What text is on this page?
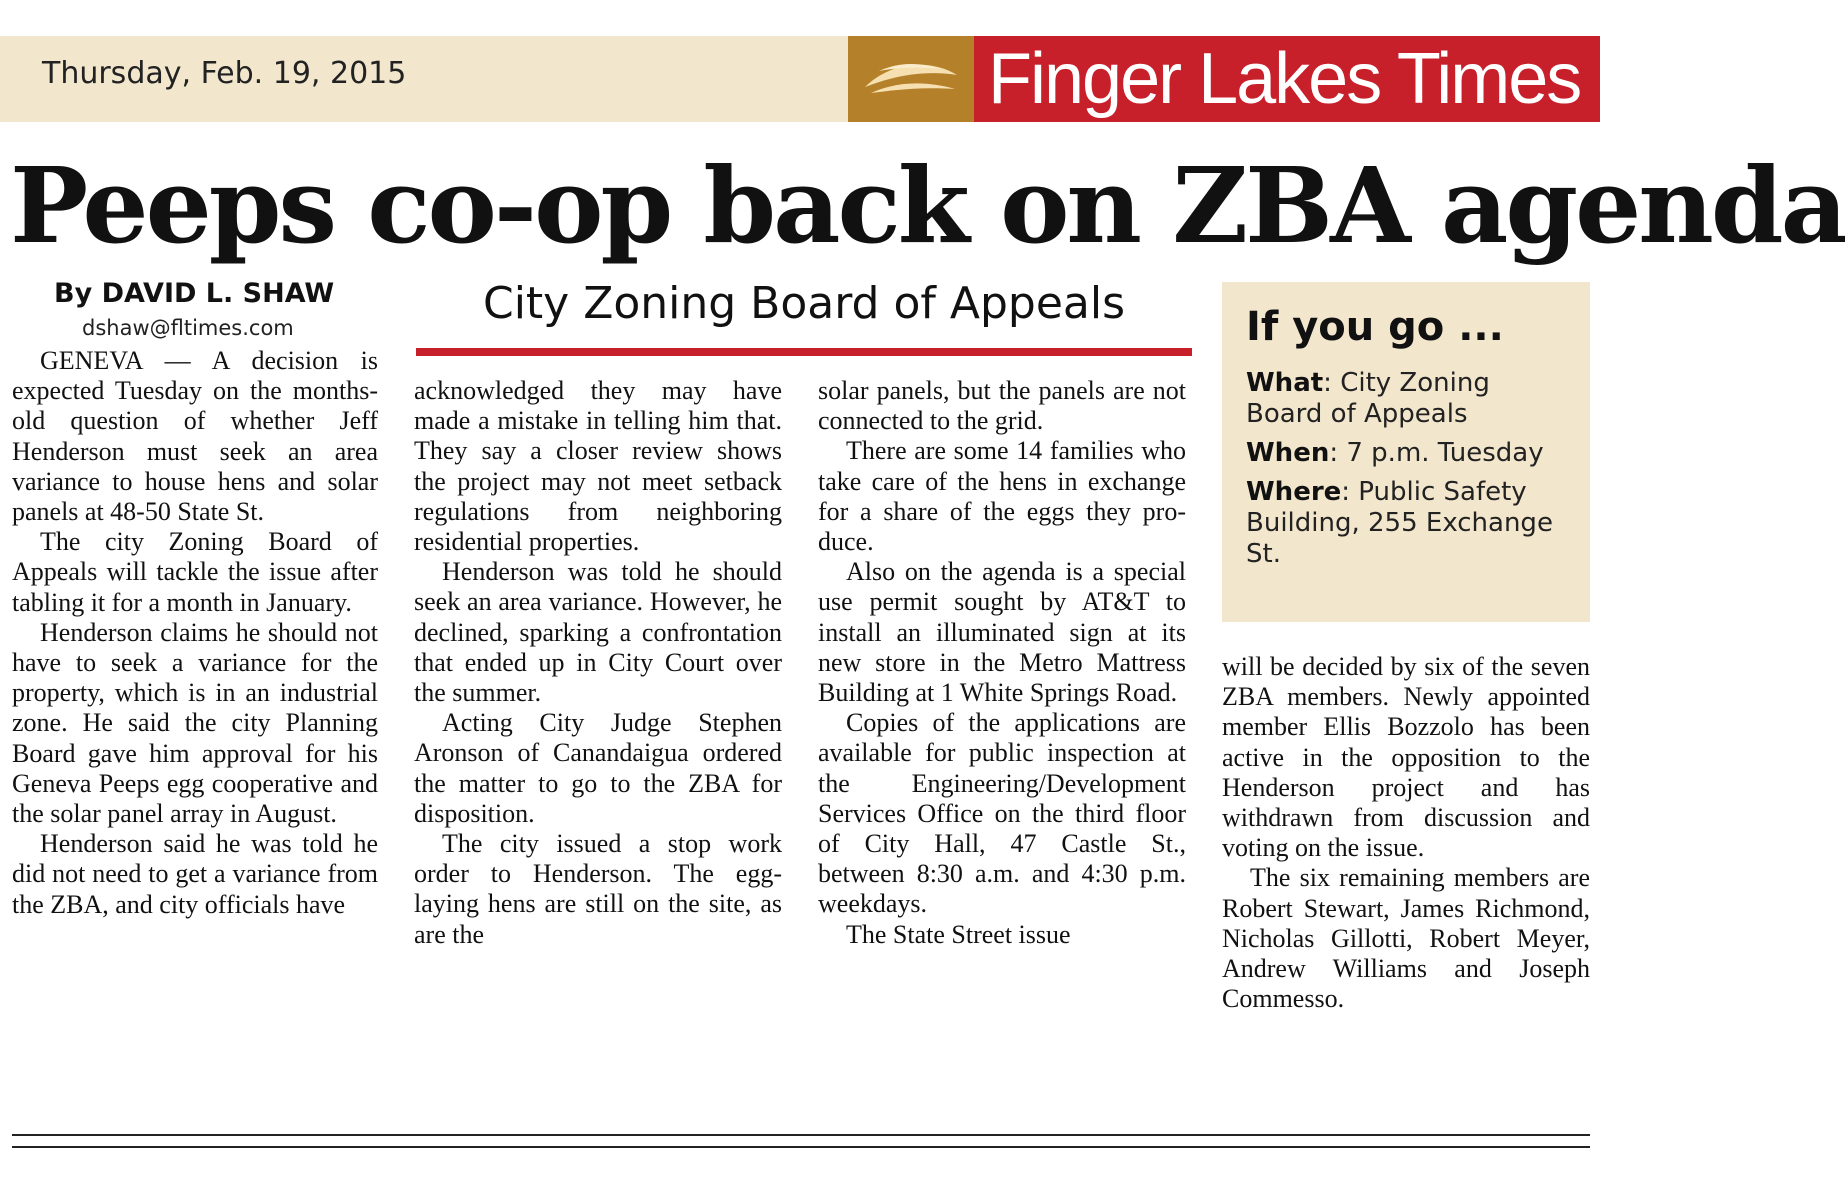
Thursday, Feb. 19, 2015	Finger Lakes Times
Peeps co-op back on ZBA agenda
By DAVID L. SHAW
dshaw@fltimes.com	City Zoning Board of Appeals

GENEVA — A decision is expected Tuesday on the months-old question of whether Jeff Henderson must seek an area variance to house hens and solar panels at 48-50 State St.

The city Zoning Board of Appeals will tackle the issue after tabling it for a month in January.

Henderson claims he should not have to seek a variance for the property, which is in an industrial zone. He said the city Planning Board gave him approval for his Geneva Peeps egg cooperative and the solar panel array in August.

Henderson said he was told he did not need to get a variance from the ZBA, and city officials have

acknowledged they may have made a mistake in telling him that. They say a closer review shows the project may not meet setback regulations from neighboring residential properties.

Henderson was told he should seek an area variance. However, he declined, sparking a confrontation that ended up in City Court over the summer.

Acting City Judge Stephen Aronson of Canandaigua ordered the matter to go to the ZBA for disposition.

The city issued a stop work order to Henderson. The egg-laying hens are still on the site, as are the

solar panels, but the panels are not connected to the grid.

There are some 14 families who take care of the hens in exchange for a share of the eggs they produce.

Also on the agenda is a special use permit sought by AT&T to install an illuminated sign at its new store in the Metro Mattress Building at 1 White Springs Road.

Copies of the applications are available for public inspection at the Engineering/Development Services Office on the third floor of City Hall, 47 Castle St., between 8:30 a.m. and 4:30 p.m. weekdays.

The State Street issue

If you go ...
What: City Zoning Board of Appeals
When: 7 p.m. Tuesday
Where: Public Safety Building, 255 Exchange St.

will be decided by six of the seven ZBA members. Newly appointed member Ellis Bozzolo has been active in the opposition to the Henderson project and has withdrawn from discussion and voting on the issue.

The six remaining members are Robert Stewart, James Richmond, Nicholas Gillotti, Robert Meyer, Andrew Williams and Joseph Commesso.
